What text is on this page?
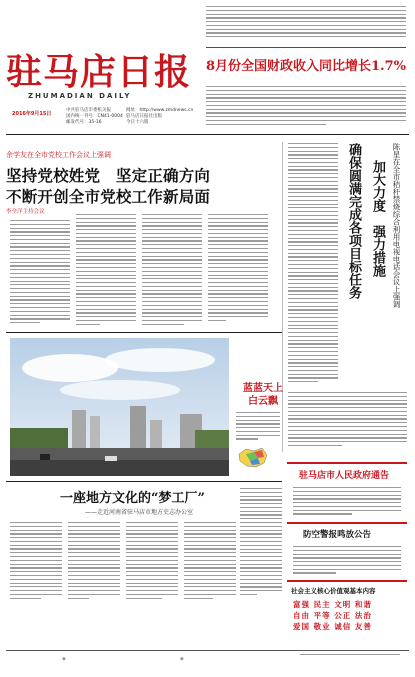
8月份全国财政收入同比增长1.7%
驻马店日报
ZHUMADIAN DAILY
2016年9月15日
中共驻马店市委机关报
国内统一刊号：CN41-0004
邮发代号：35-16
网址：http://www.zmdnews.cn
驻马店日报社出版
今日十六版
余学友在全市党校工作会议上强调
坚持党校姓党　坚定正确方向
不断开创全市党校工作新局面
李全洋主持会议	陈星在全市秸秆禁烧综合利用电视电话会议上强调
加大力度　强力措施
确保圆满完成各项目标任务
蓝蓝天上
白云飘
一座地方文化的“梦工厂”
——走近河南省驻马店市地方史志办公室
驻马店市人民政府通告
防空警报鸣放公告
社会主义核心价值观基本内容
富强 民主 文明 和谐
自由 平等 公正 法治
爱国 敬业 诚信 友善
◆	◆
